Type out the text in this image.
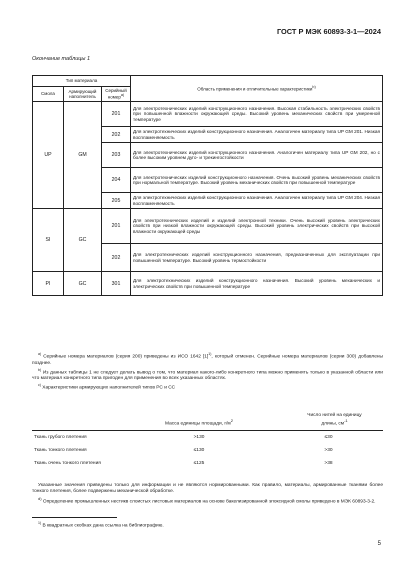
ГОСТ Р МЭК 60893-3-1—2024
Окончание таблицы 1
Тип материала			Область применения и отличительные характеристики$^{b)}$
Смола	Армирующий наполнитель	Серийный номер$^{a)}$
UP	GM	201	Для электротехнических изделий конструкционного назначения. Высокая стабильность электрических свойств при повышенной влажности окружающей среды. Высокий уровень механических свойств при умеренной температуре
		202	Для электротехнических изделий конструкционного назначения. Аналогичен материалу типа UP GM 201. Низкая воспламеняемость
		203	Для электротехнических изделий конструкционного назначения. Аналогичен материалу типа UP GM 202, но с более высоким уровнем дуго- и трекингостойкости
		204	Для электротехнических изделий конструкционного назначения. Очень высокий уровень механических свойств при нормальной температуре. Высокий уровень механических свойств при повышенной температуре
		205	Для электротехнических изделий конструкционного назначения. Аналогичен материалу типа UP GM 204. Низкая воспламеняемость
SI	GC	201	Для электротехнических изделий и изделий электронной техники. Очень высокий уровень электрических свойств при низкой влажности окружающей среды. Высокий уровень электрических свойств при высокой влажности окружающей среды
		202	Для электротехнических изделий конструкционного назначения, предназначенных для эксплуатации при повышенной температуре. Высокий уровень термостойкости
PI	GC	301	Для электротехнических изделий конструкционного назначения. Высокий уровень механических и электрических свойств при повышенной температуре

$^{a)}$ Серийные номера материалов (серия 200) приведены из ИСО 1642 $[1]^{1)}$, который отменен. Серийные номера материалов (серии 300) добавлены позднее.

$^{b)}$ Из данных таблицы 1 не следует делать вывод о том, что материал какого-либо конкретного типа можно применять только в указанной области или что материал конкретного типа пригоден для применения во всех указанных областях.

$^{c)}$ Характеристики армирующих наполнителей типов PC и CC

	Масса единицы площади, $г/м^2$	Число нитей на единицу длины, $см^{-1}$
Ткань грубого плетения	>130	≤30
Ткань тонкого плетения	≤130	>30
Ткань очень тонкого плетения	≤125	>38

Указанные значения приведены только для информации и не являются нормированными. Как правило, материалы, армированные тканями более тонкого плетения, более подвержены механической обработке.

$^{d)}$ Определение промышленных нестикв слоистых листовых материалов на основе бакелизированной эпоксидной смолы приведено в МЭК 60893-3-2.

$^{1)}$ В квадратных скобках дана ссылка на библиографию.
5
